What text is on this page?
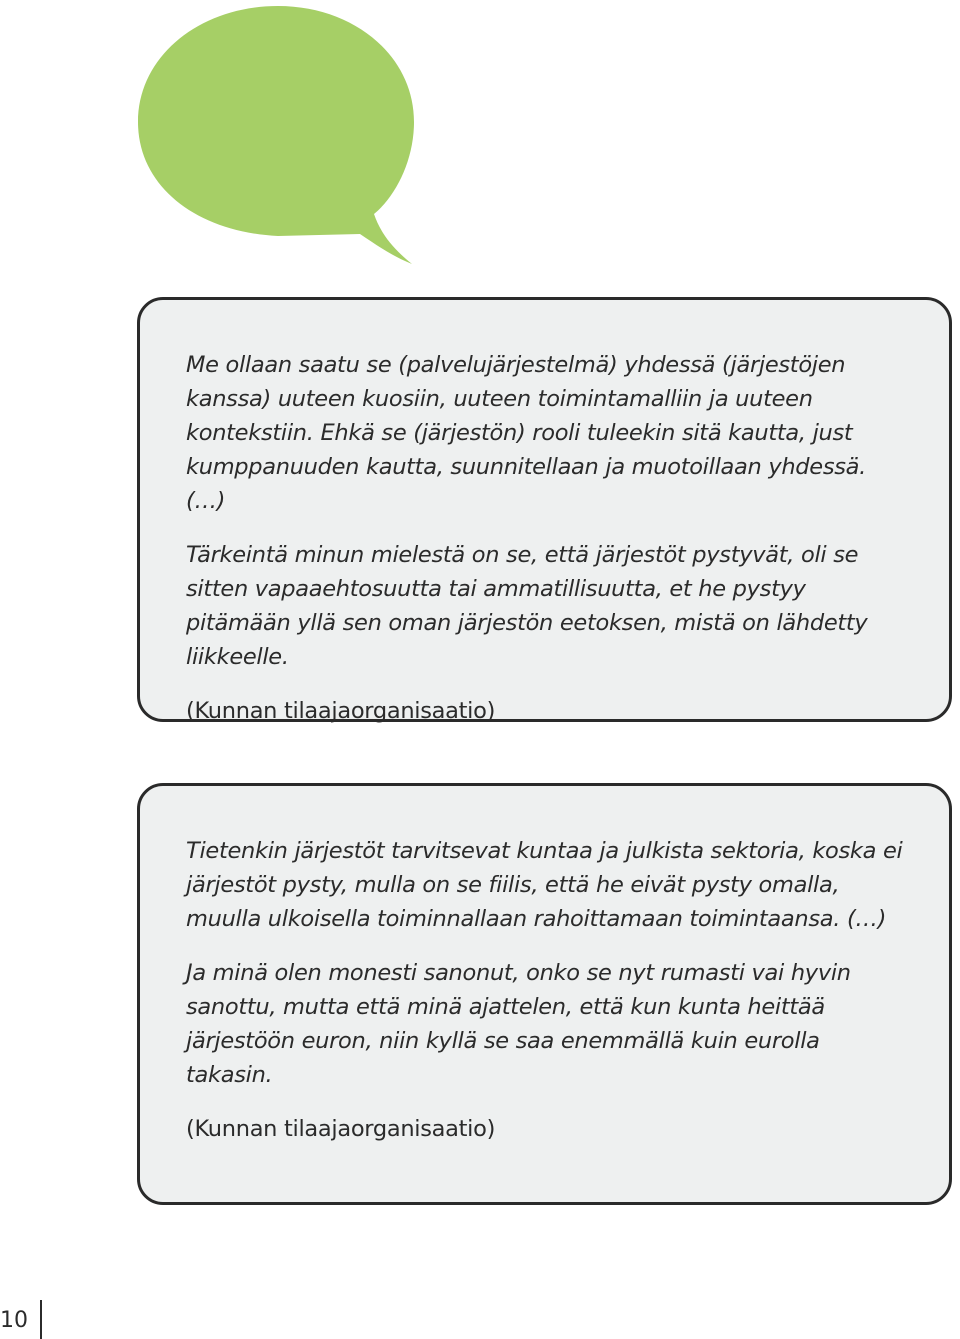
Me ollaan saatu se (palvelujärjestelmä) yhdessä (järjestöjen kanssa) uuteen kuosiin, uuteen toimintamalliin ja uuteen kontekstiin. Ehkä se (järjestön) rooli tuleekin sitä kautta, just kumppanuuden kautta, suunnitellaan ja muotoillaan yhdessä. (…)

Tärkeintä minun mielestä on se, että järjestöt pystyvät, oli se sitten vapaaehtosuutta tai ammatillisuutta, et he pystyy pitämään yllä sen oman järjestön eetoksen, mistä on lähdetty liikkeelle.

(Kunnan tilaajaorganisaatio)

Tietenkin järjestöt tarvitsevat kuntaa ja julkista sektoria, koska ei järjestöt pysty, mulla on se fiilis, että he eivät pysty omalla, muulla ulkoisella toiminnallaan rahoittamaan toimintaansa. (…)

Ja minä olen monesti sanonut, onko se nyt rumasti vai hyvin sanottu, mutta että minä ajattelen, että kun kunta heittää järjestöön euron, niin kyllä se saa enemmällä kuin eurolla takasin.

(Kunnan tilaajaorganisaatio)

10
